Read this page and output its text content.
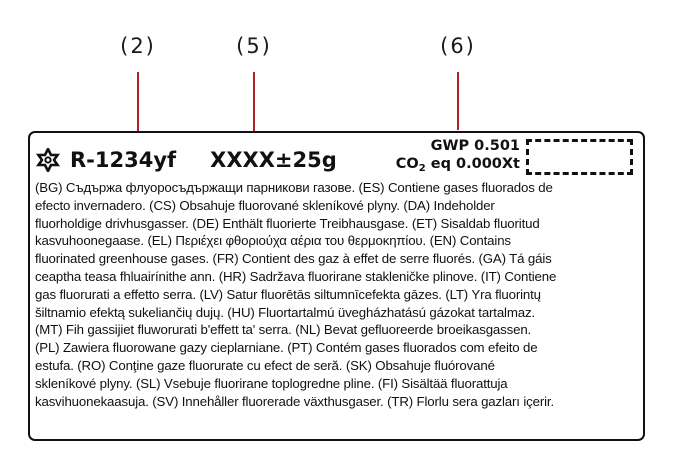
(2)	(5)	(6)
R-1234yf XXXX±25g
GWP 0.501
$CO_2$ eq 0.000Xt

(BG) Съдържа флуоросъдържащи парникови газове. (ES) Contiene gases fluorados de
efecto invernadero. (CS) Obsahuje fluorované skleníkové plyny. (DA) Indeholder
fluorholdige drivhusgasser. (DE) Enthält fluorierte Treibhausgase. (ET) Sisaldab fluoritud
kasvuhoonegaase. (EL) Περιέχει φθοριούχα αέρια του θερμοκηπίου. (EN) Contains
fluorinated greenhouse gases. (FR) Contient des gaz à effet de serre fluorés. (GA) Tá gáis
ceaptha teasa fhluairínithe ann. (HR) Sadržava fluorirane stakleničke plinove. (IT) Contiene
gas fluorurati a effetto serra. (LV) Satur fluorētās siltumnīcefekta gāzes. (LT) Yra fluorintų
šiltnamio efektą sukeliančių dujų. (HU) Fluortartalmú üvegházhatású gázokat tartalmaz.
(MT) Fih gassijiet fluworurati b'effett ta' serra. (NL) Bevat gefluoreerde broeikasgassen.
(PL) Zawiera fluorowane gazy cieplarniane. (PT) Contém gases fluorados com efeito de
estufa. (RO) Conţine gaze fluorurate cu efect de seră. (SK) Obsahuje fluórované
skleníkové plyny. (SL) Vsebuje fluorirane toplogredne pline. (FI) Sisältää fluorattuja
kasvihuonekaasuja. (SV) Innehåller fluorerade växthusgaser. (TR) Florlu sera gazları içerir.
